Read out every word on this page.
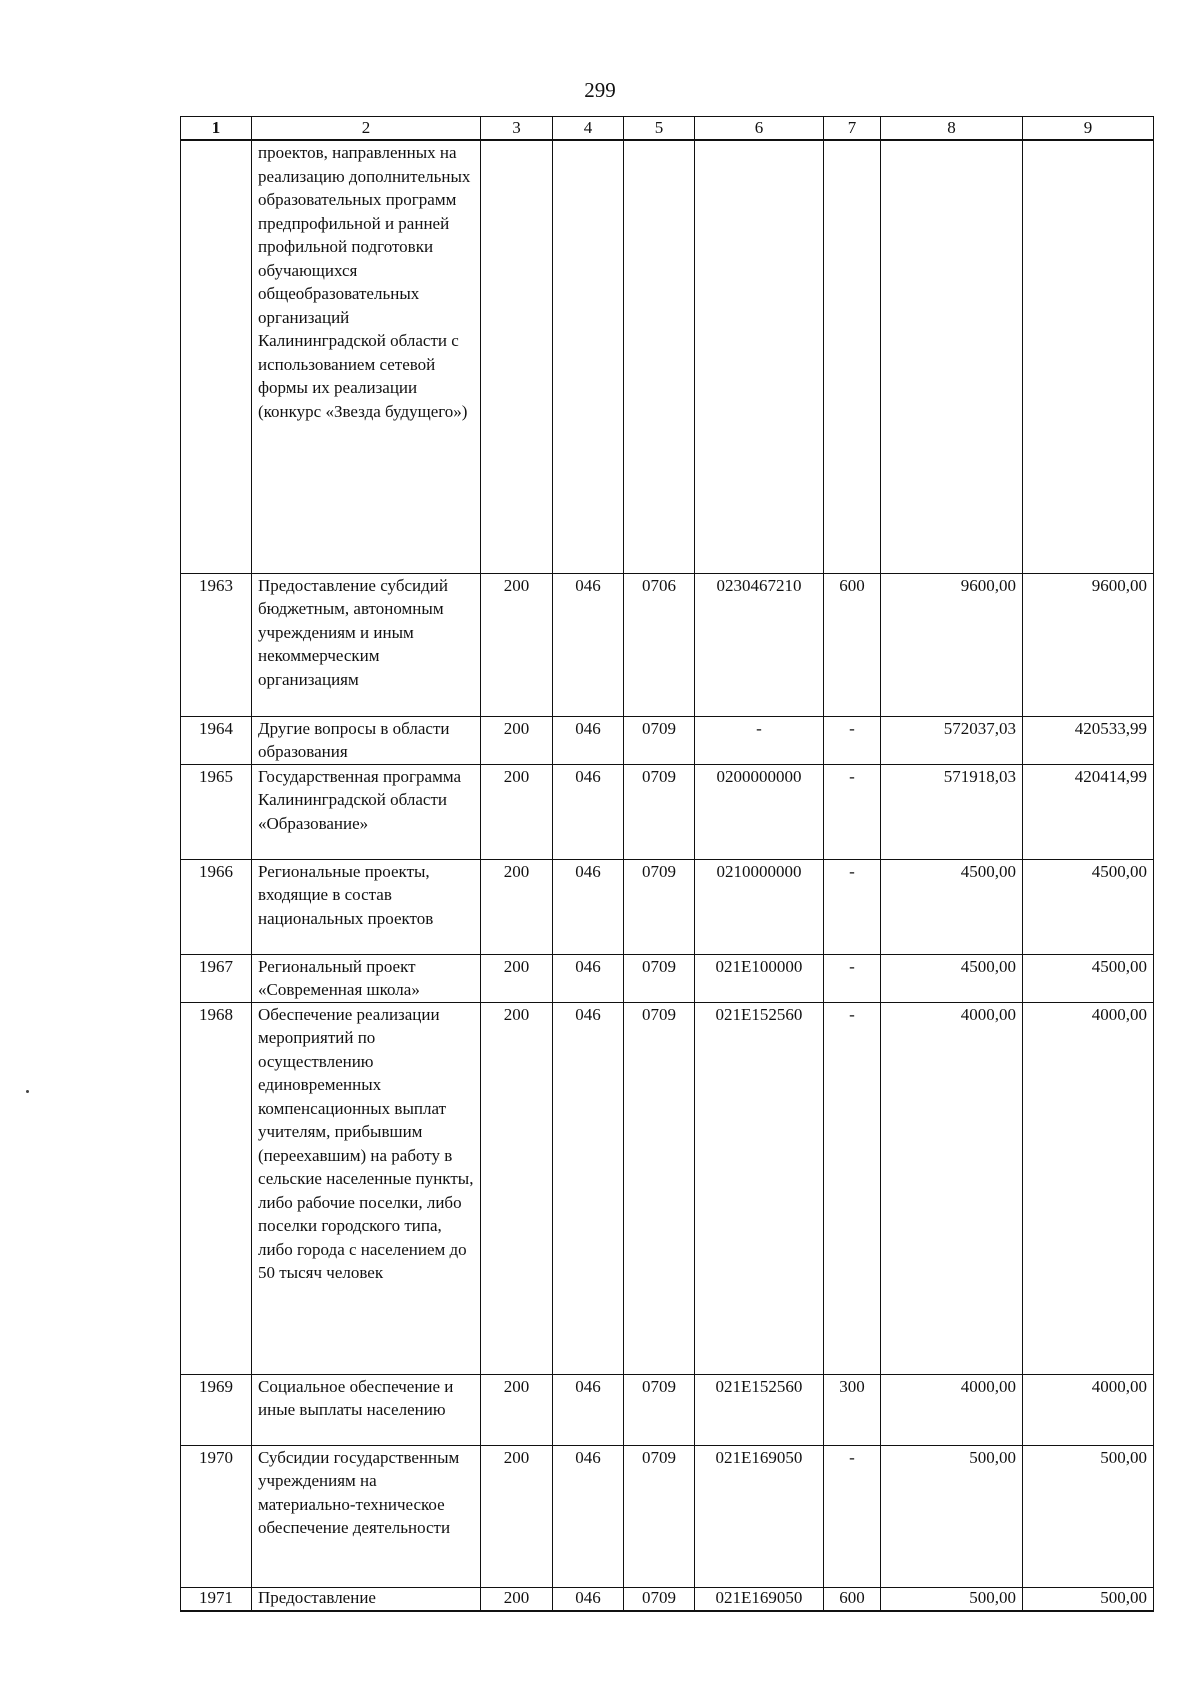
299
1	2	3	4	5	6	7	8	9
	проектов, направленных на реализацию дополнительных образовательных программ предпрофильной и ранней профильной подготовки обучающихся общеобразовательных организаций Калининградской области с использованием сетевой формы их реализации (конкурс «Звезда будущего»)							
1963	Предоставление субсидий бюджетным, автономным учреждениям и иным некоммерческим организациям	200	046	0706	0230467210	600	9600,00	9600,00
1964	Другие вопросы в области образования	200	046	0709	-	-	572037,03	420533,99
1965	Государственная программа Калининградской области «Образование»	200	046	0709	0200000000	-	571918,03	420414,99
1966	Региональные проекты, входящие в состав национальных проектов	200	046	0709	0210000000	-	4500,00	4500,00
1967	Региональный проект «Современная школа»	200	046	0709	021E100000	-	4500,00	4500,00
1968	Обеспечение реализации мероприятий по осуществлению единовременных компенсационных выплат учителям, прибывшим (переехавшим) на работу в сельские населенные пункты, либо рабочие поселки, либо поселки городского типа, либо города с населением до 50 тысяч человек	200	046	0709	021E152560	-	4000,00	4000,00
1969	Социальное обеспечение и иные выплаты населению	200	046	0709	021E152560	300	4000,00	4000,00
1970	Субсидии государственным учреждениям на материально-техническое обеспечение деятельности	200	046	0709	021E169050	-	500,00	500,00
1971	Предоставление	200	046	0709	021E169050	600	500,00	500,00
